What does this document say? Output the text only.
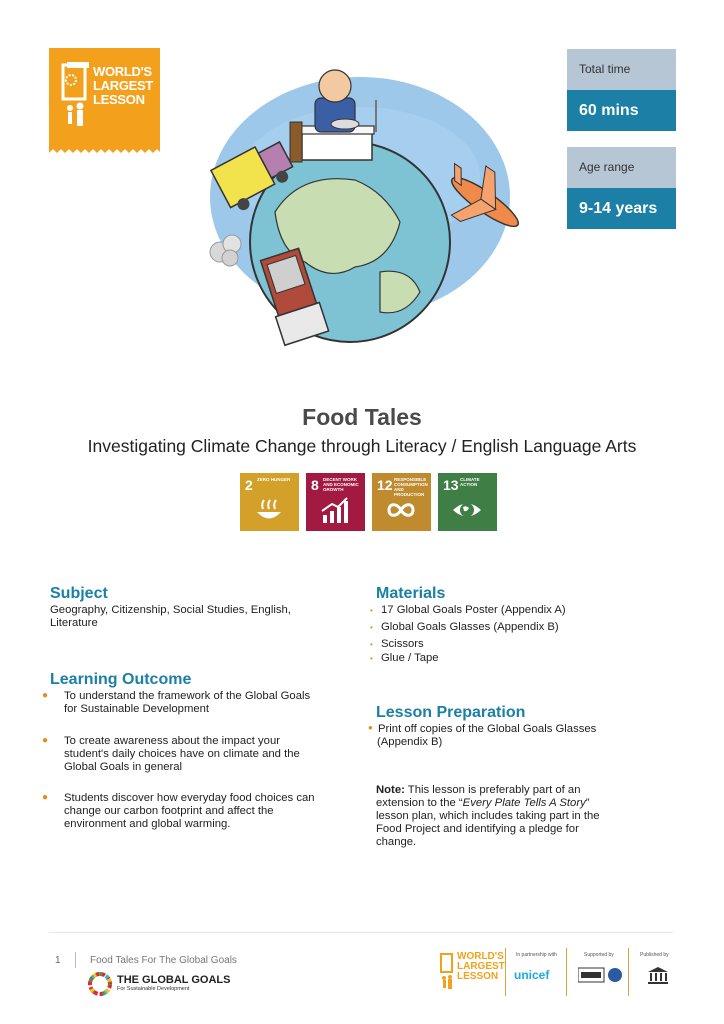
WORLD'S
LARGEST
LESSON
Total time
60 mins
Age range
9-14 years
Food Tales
Investigating Climate Change through Literacy / English Language Arts
2 ZERO HUNGER	8 DECENT WORK AND ECONOMIC GROWTH	12 RESPONSIBLE CONSUMPTION AND PRODUCTION
13 CLIMATE ACTION
Subject
Geography, Citizenship, Social Studies, English,
Literature
Learning Outcome
● To understand the framework of the Global Goals
for Sustainable Development
● To create awareness about the impact your
student's daily choices have on climate and the
Global Goals in general
● Students discover how everyday food choices can
change our carbon footprint and affect the
environment and global warming.
Materials
• 17 Global Goals Poster (Appendix A)
• Global Goals Glasses (Appendix B)
• Scissors
• Glue / Tape
Lesson Preparation
● Print off copies of the Global Goals Glasses
(Appendix B)
Note: This lesson is preferably part of an
extension to the “Every Plate Tells A Story”
lesson plan, which includes taking part in the
Food Project and identifying a pledge for
change.
1	Food Tales For The Global Goals
THE GLOBAL GOALS
For Sustainable Development
WORLD'S
LARGEST
LESSON
In partnership with
unicef
Supported by	Published by
